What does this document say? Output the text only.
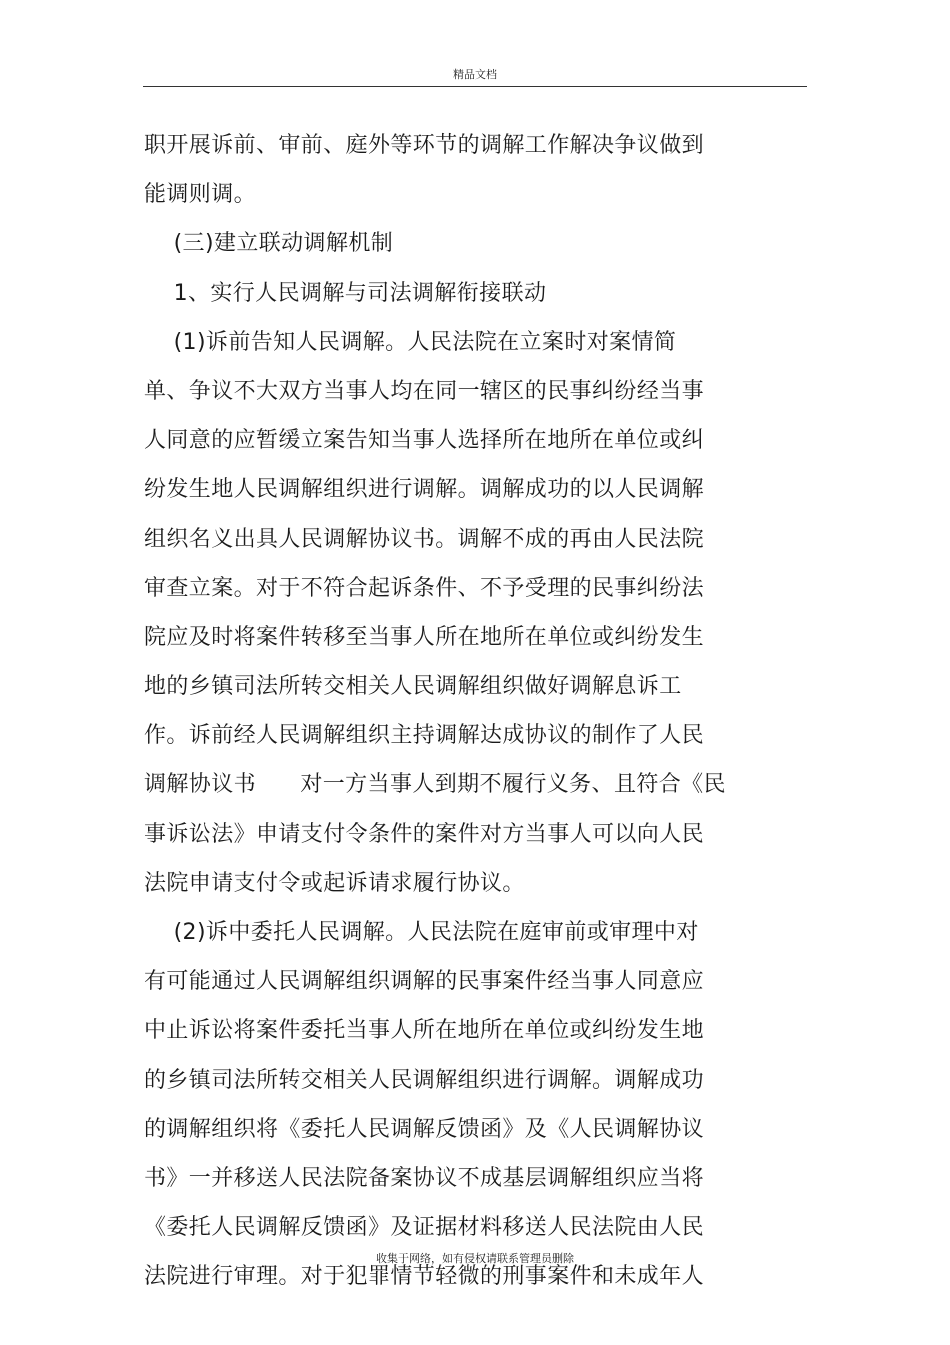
精品文档
职开展诉前、审前、庭外等环节的调解工作解决争议做到
能调则调。
(三)建立联动调解机制
1、实行人民调解与司法调解衔接联动
(1)诉前告知人民调解。人民法院在立案时对案情简
单、争议不大双方当事人均在同一辖区的民事纠纷经当事
人同意的应暂缓立案告知当事人选择所在地所在单位或纠
纷发生地人民调解组织进行调解。调解成功的以人民调解
组织名义出具人民调解协议书。调解不成的再由人民法院
审查立案。对于不符合起诉条件、不予受理的民事纠纷法
院应及时将案件转移至当事人所在地所在单位或纠纷发生
地的乡镇司法所转交相关人民调解组织做好调解息诉工
作。诉前经人民调解组织主持调解达成协议的制作了人民
调解协议书      对一方当事人到期不履行义务、且符合《民
事诉讼法》申请支付令条件的案件对方当事人可以向人民
法院申请支付令或起诉请求履行协议。
(2)诉中委托人民调解。人民法院在庭审前或审理中对
有可能通过人民调解组织调解的民事案件经当事人同意应
中止诉讼将案件委托当事人所在地所在单位或纠纷发生地
的乡镇司法所转交相关人民调解组织进行调解。调解成功
的调解组织将《委托人民调解反馈函》及《人民调解协议
书》一并移送人民法院备案协议不成基层调解组织应当将
《委托人民调解反馈函》及证据材料移送人民法院由人民
法院进行审理。对于犯罪情节轻微的刑事案件和未成年人
收集于网络，如有侵权请联系管理员删除
